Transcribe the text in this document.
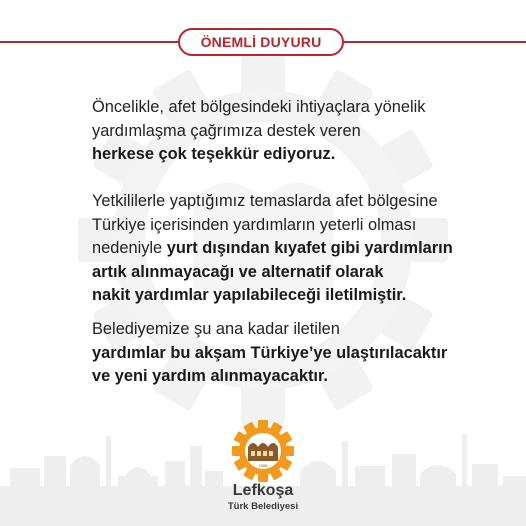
ÖNEMLİ DUYURU
Öncelikle, afet bölgesindeki ihtiyaçlara yönelik
yardımlaşma çağrımıza destek veren
herkese çok teşekkür ediyoruz.
Yetkililerle yaptığımız temaslarda afet bölgesine
Türkiye içerisinden yardımların yeterli olması
nedeniyle yurt dışından kıyafet gibi yardımların
artık alınmayacağı ve alternatif olarak
nakit yardımlar yapılabileceği iletilmiştir.
Belediyemize şu ana kadar iletilen
yardımlar bu akşam Türkiye’ye ulaştırılacaktır
ve yeni yardım alınmayacaktır.
1958
Lefkoşa
Türk Belediyesi
